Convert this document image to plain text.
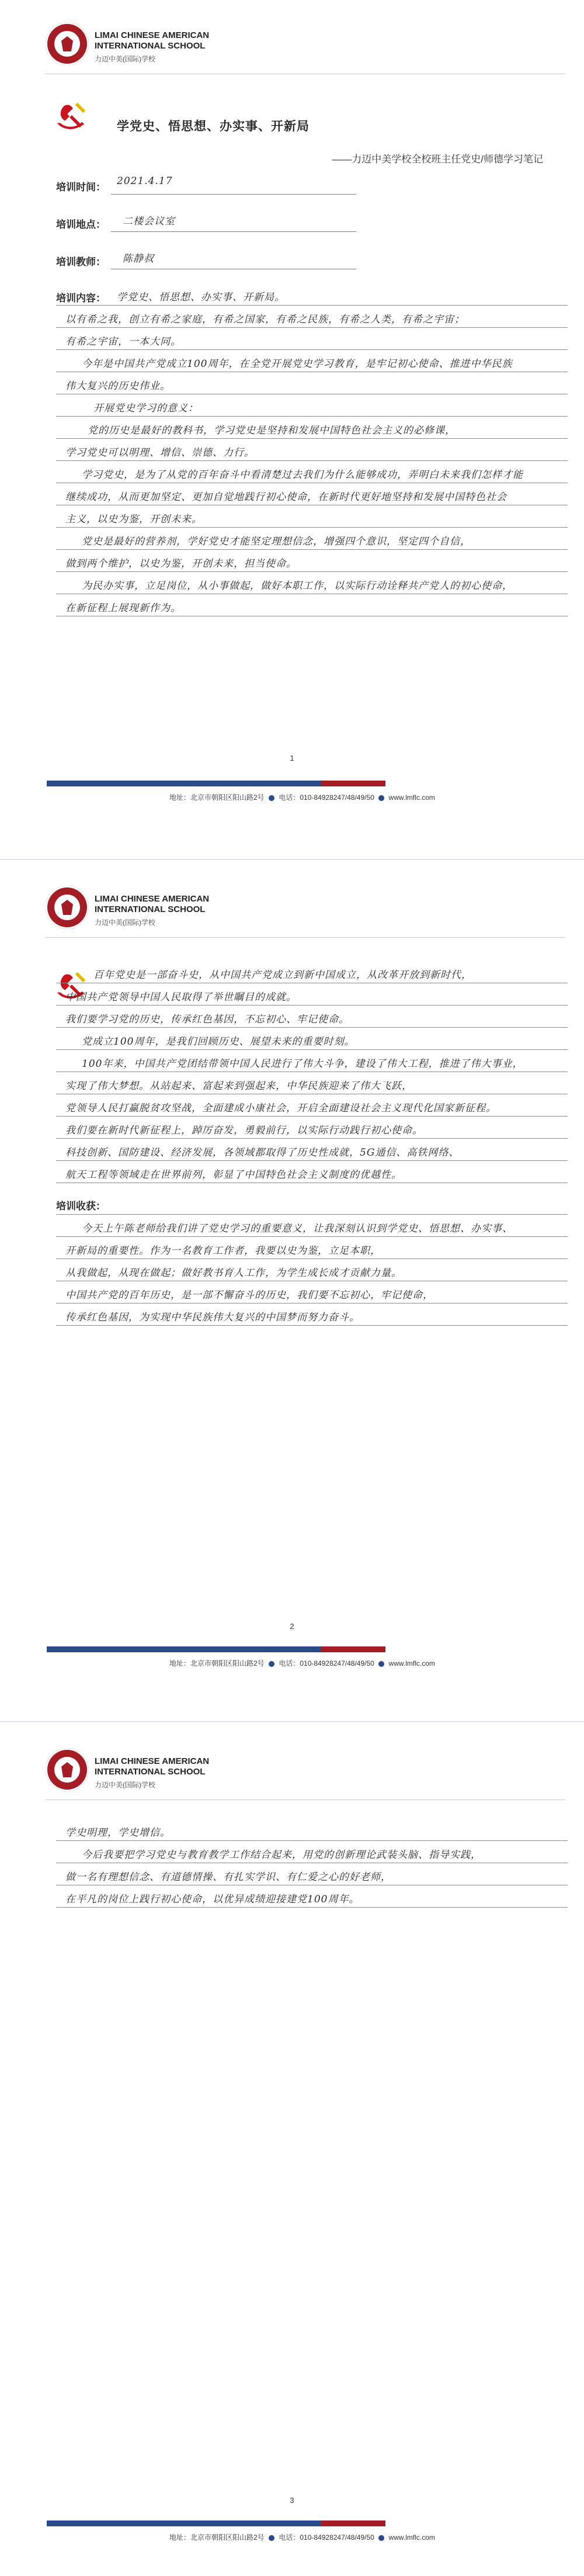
LIMAI CHINESE AMERICAN
INTERNATIONAL SCHOOL
力迈中美(国际)学校
学党史、悟思想、办实事、开新局
——力迈中美学校全校班主任党史/师德学习笔记
培训时间：
2021.4.17
培训地点： 二楼会议室
培训教师： 陈静叔
培训内容： 学党史、悟思想、办实事、开新局。
以有希之我，创立有希之家庭，有希之国家，有希之民族，有希之人类，有希之宇宙；
有希之宇宙，一本大同。
今年是中国共产党成立100周年，在全党开展党史学习教育，是牢记初心使命、推进中华民族
伟大复兴的历史伟业。
开展党史学习的意义：
党的历史是最好的教科书，学习党史是坚持和发展中国特色社会主义的必修课，
学习党史可以明理、增信、崇德、力行。
学习党史，是为了从党的百年奋斗中看清楚过去我们为什么能够成功，弄明白未来我们怎样才能
继续成功，从而更加坚定、更加自觉地践行初心使命，在新时代更好地坚持和发展中国特色社会
主义，以史为鉴，开创未来。
党史是最好的营养剂，学好党史才能坚定理想信念，增强四个意识，坚定四个自信，
做到两个维护，以史为鉴，开创未来，担当使命。
为民办实事，立足岗位，从小事做起，做好本职工作，以实际行动诠释共产党人的初心使命，
在新征程上展现新作为。
1
地址：北京市朝阳区阳山路2号 电话：010-84928247/48/49/50 www.lmflc.com
LIMAI CHINESE AMERICAN
INTERNATIONAL SCHOOL
力迈中美(国际)学校
百年党史是一部奋斗史，从中国共产党成立到新中国成立，从改革开放到新时代，
中国共产党领导中国人民取得了举世瞩目的成就。
我们要学习党的历史，传承红色基因，不忘初心、牢记使命。
党成立100周年，是我们回顾历史、展望未来的重要时刻。
100年来，中国共产党团结带领中国人民进行了伟大斗争，建设了伟大工程，推进了伟大事业，
实现了伟大梦想。从站起来、富起来到强起来，中华民族迎来了伟大飞跃，
党领导人民打赢脱贫攻坚战，全面建成小康社会，开启全面建设社会主义现代化国家新征程。
我们要在新时代新征程上，踔厉奋发，勇毅前行，以实际行动践行初心使命。
科技创新、国防建设、经济发展，各领域都取得了历史性成就，5G通信、高铁网络、
航天工程等领域走在世界前列，彰显了中国特色社会主义制度的优越性。
培训收获：
今天上午陈老师给我们讲了党史学习的重要意义，让我深刻认识到学党史、悟思想、办实事、
开新局的重要性。作为一名教育工作者，我要以史为鉴，立足本职，
从我做起，从现在做起；做好教书育人工作，为学生成长成才贡献力量。
中国共产党的百年历史，是一部不懈奋斗的历史，我们要不忘初心，牢记使命，
传承红色基因，为实现中华民族伟大复兴的中国梦而努力奋斗。
2
地址：北京市朝阳区阳山路2号 电话：010-84928247/48/49/50 www.lmflc.com
LIMAI CHINESE AMERICAN
INTERNATIONAL SCHOOL
力迈中美(国际)学校
学史明理，学史增信。
今后我要把学习党史与教育教学工作结合起来，用党的创新理论武装头脑、指导实践，
做一名有理想信念、有道德情操、有扎实学识、有仁爱之心的好老师，
在平凡的岗位上践行初心使命，以优异成绩迎接建党100周年。
3
地址：北京市朝阳区阳山路2号 电话：010-84928247/48/49/50 www.lmflc.com
